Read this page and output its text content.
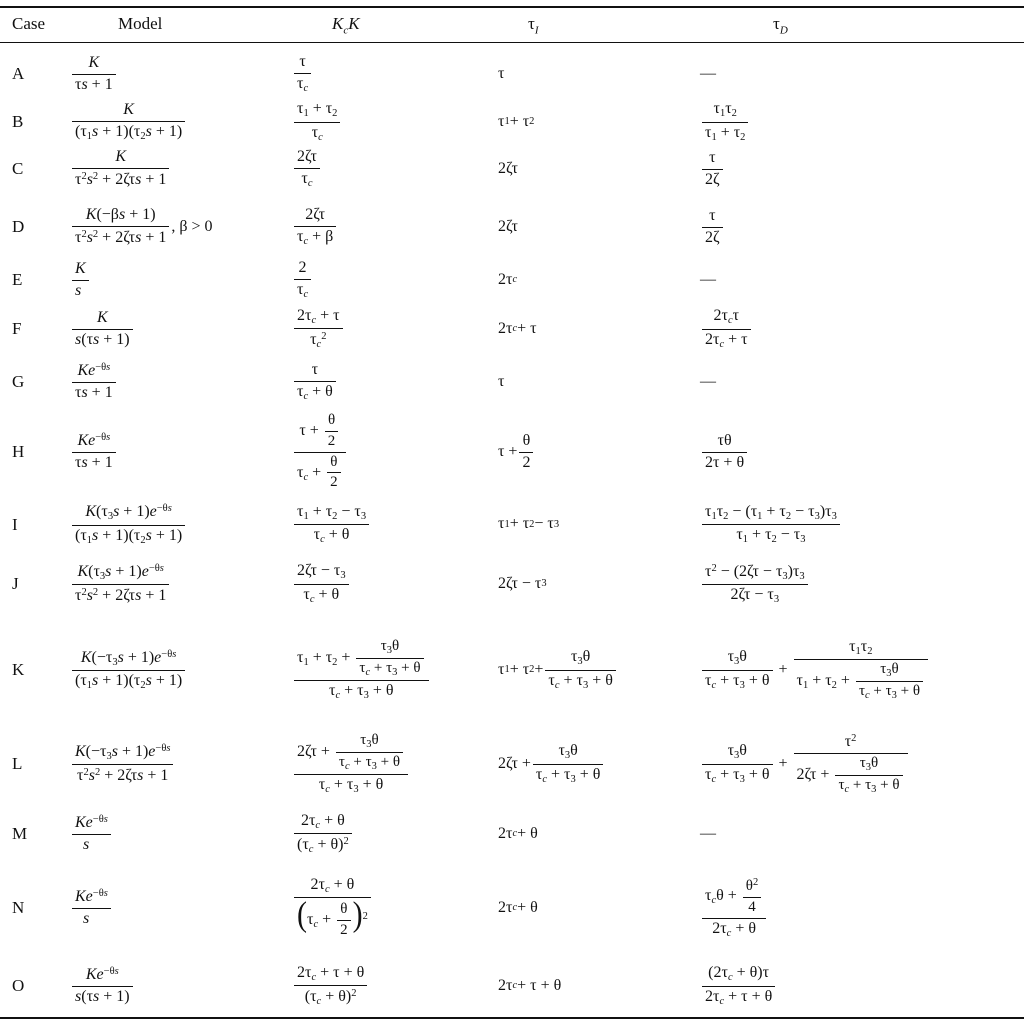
Case	Model	$K_cK$	$\tau_I$	$\tau_D$
A	$\frac{K}{\tau s + 1}$	$\frac{\tau}{\tau_c}$	τ	—
B	$\frac{K}{(\tau_1s + 1)(\tau_2s + 1)}$	$\frac{\tau_1 + \tau_2}{\tau_c}$	τ 1 + τ 2	$\frac{\tau_1\tau_2}{\tau_1 + \tau_2}$
C	$\frac{K}{\tau^2s^2 + 2\zeta\tau s + 1}$	$\frac{2\zeta\tau}{\tau_c}$	2ζτ	$\frac{\tau}{2\zeta}$
D	$\frac{K(-\beta s + 1)}{\tau^2s^2 + 2\zeta\tau s + 1}$ , β > 0	$\frac{2\zeta\tau}{\tau_c + \beta}$	2ζτ	$\frac{\tau}{2\zeta}$
E	$\frac{K}{s}$	$\frac{2}{\tau_c}$	2τ c	—
F	$\frac{K}{s(\tau s + 1)}$	$\frac{2\tau_c + \tau}{\tau_c^2}$	2τ c + τ	$\frac{2\tau_c\tau}{2\tau_c + \tau}$
G	$\frac{Ke^{-\theta s}}{\tau s + 1}$	$\frac{\tau}{\tau_c + \theta}$	τ	—
H	$\frac{Ke^{-\theta s}}{\tau s + 1}$	$\frac{\tau + \frac{\theta}{2}}{\tau_c + \frac{\theta}{2}}$	$\tau + \frac{\theta}{2}$	$\frac{\tau\theta}{2\tau + \theta}$
I	$\frac{K(\tau_3s + 1)e^{-\theta s}}{(\tau_1s + 1)(\tau_2s + 1)}$	$\frac{\tau_1 + \tau_2 - \tau_3}{\tau_c + \theta}$	τ 1 + τ 2 − τ 3	$\frac{\tau_1\tau_2 - (\tau_1 + \tau_2 - \tau_3)\tau_3}{\tau_1 + \tau_2 - \tau_3}$
J	$\frac{K(\tau_3s + 1)e^{-\theta s}}{\tau^2s^2 + 2\zeta\tau s + 1}$	$\frac{2\zeta\tau - \tau_3}{\tau_c + \theta}$	2ζτ − τ 3	$\frac{\tau^2 - (2\zeta\tau - \tau_3)\tau_3}{2\zeta\tau - \tau_3}$
K	$\frac{K(-\tau_3s + 1)e^{-\theta s}}{(\tau_1s + 1)(\tau_2s + 1)}$	$\frac{\tau_1 + \tau_2 + \frac{\tau_3\theta}{\tau_c + \tau_3 + \theta}}{\tau_c + \tau_3 + \theta}$	τ 1 + τ $2 + \frac{\tau_3\theta}{\tau_c + \tau_3 + \theta}$	$\frac{\tau_3\theta}{\tau_c + \tau_3 + \theta} + \frac{\tau_1\tau_2}{\tau_1 + \tau_2 + \frac{\tau_3\theta}{\tau_c + \tau_3 + \theta}}$
L	$\frac{K(-\tau_3s + 1)e^{-\theta s}}{\tau^2s^2 + 2\zeta\tau s + 1}$	$\frac{2\zeta\tau + \frac{\tau_3\theta}{\tau_c + \tau_3 + \theta}}{\tau_c + \tau_3 + \theta}$	$2\zeta\tau + \frac{\tau_3\theta}{\tau_c + \tau_3 + \theta}$	$\frac{\tau_3\theta}{\tau_c + \tau_3 + \theta} + \frac{\tau^2}{2\zeta\tau + \frac{\tau_3\theta}{\tau_c + \tau_3 + \theta}}$
M	$\frac{Ke^{-\theta s}}{s}$	$\frac{2\tau_c + \theta}{(\tau_c + \theta)^2}$	2τ c + θ	—
N	$\frac{Ke^{-\theta s}}{s}$	$\frac{2\tau_c + \theta}{(\tau_c + \frac{\theta}{2} )^2}$	2τ c + θ	$\frac{\tau_c\theta + \frac{\theta^2}{4}}{2\tau_c + \theta}$
O	$\frac{Ke^{-\theta s}}{s(\tau s + 1)}$	$\frac{2\tau_c + \tau + \theta}{(\tau_c + \theta)^2}$	2τ c + τ + θ	$\frac{(2\tau_c + \theta)\tau}{2\tau_c + \tau + \theta}$
